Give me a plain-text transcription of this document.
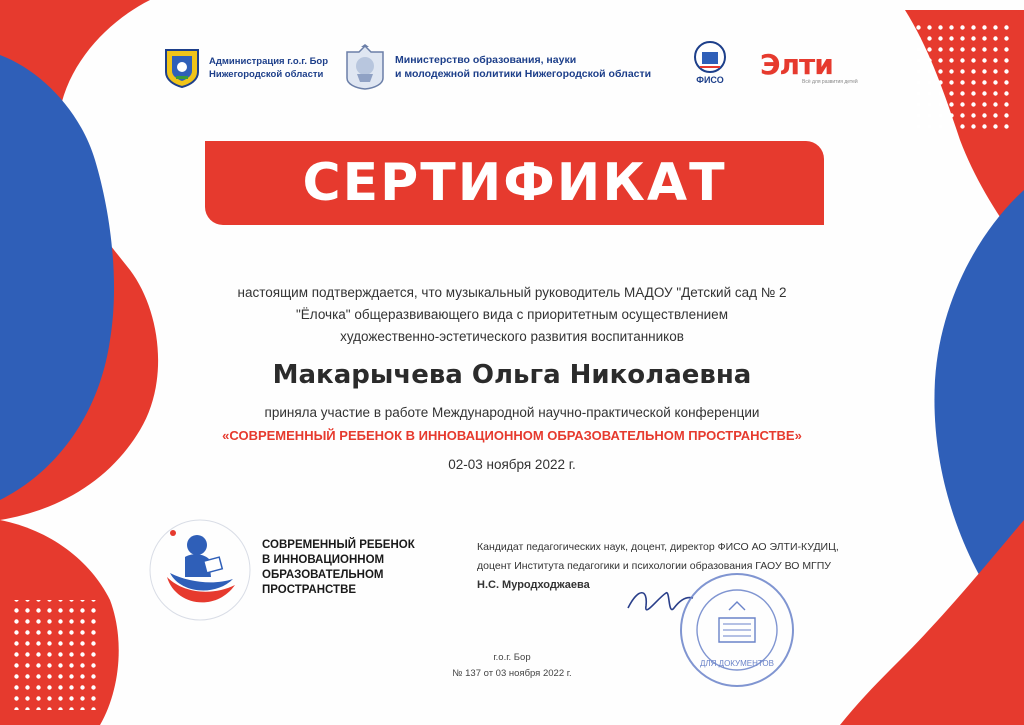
Администрация г.о.г. Бор
Нижегородской области
Министерство образования, науки
и молодежной политики Нижегородской области	ФИСО Элти
Всё для развития детей
СЕРТИФИКАТ
настоящим подтверждается, что музыкальный руководитель МАДОУ "Детский сад № 2
"Ёлочка" общеразвивающего вида с приоритетным осуществлением
художественно-эстетического развития воспитанников
Макарычева Ольга Николаевна
приняла участие в работе Международной научно-практической конференции
«СОВРЕМЕННЫЙ РЕБЕНОК В ИННОВАЦИОННОМ ОБРАЗОВАТЕЛЬНОМ ПРОСТРАНСТВЕ»
02-03 ноября 2022 г.
СОВРЕМЕННЫЙ РЕБЕНОК
В ИННОВАЦИОННОМ
ОБРАЗОВАТЕЛЬНОМ
ПРОСТРАНСТВЕ
Кандидат педагогических наук, доцент, директор ФИСО АО ЭЛТИ-КУДИЦ,
доцент Института педагогики и психологии образования ГАОУ ВО МГПУ
Н.С. Муродходжаева
ДЛЯ ДОКУМЕНТОВ
г.о.г. Бор
№ 137 от 03 ноября 2022 г.
